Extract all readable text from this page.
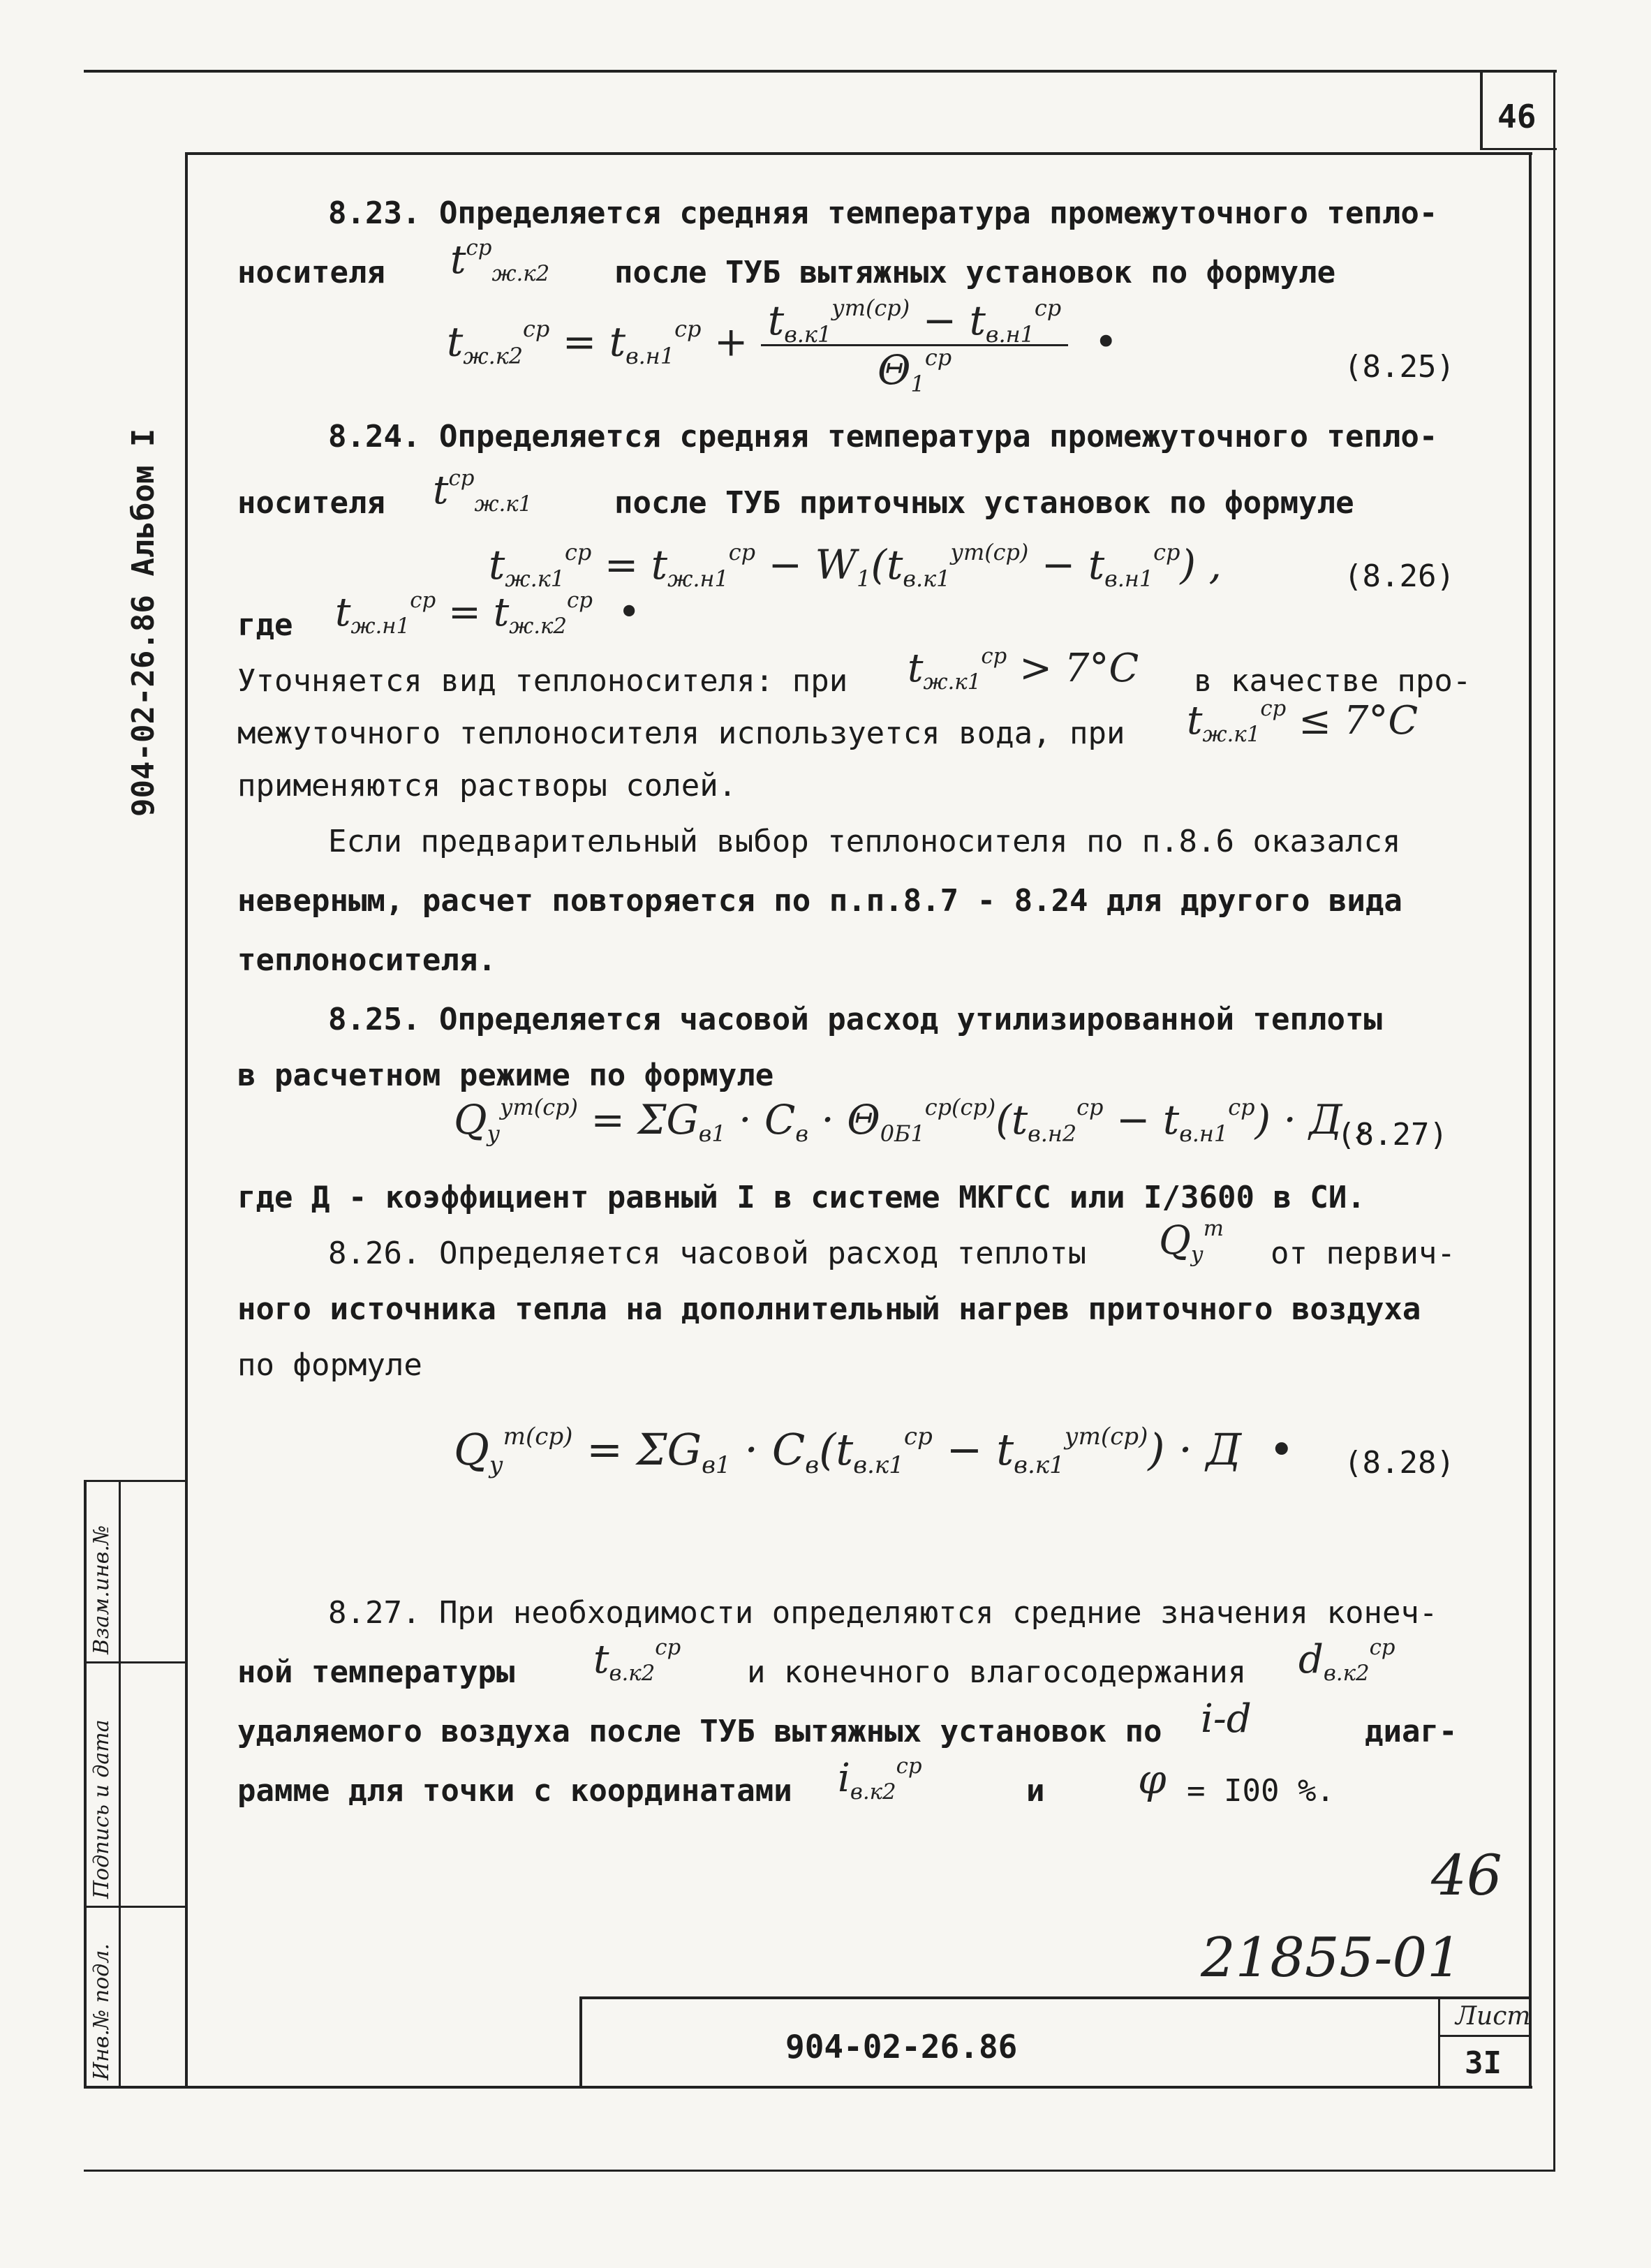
46
904-02-26.86 Альбом I
Инв.№ подл.
Подпись и дата
Взам.инв.№
8.23. Определяется средняя температура промежуточного тепло-
носителя $t^{ср}ж.к2$ после ТУБ вытяжных установок по формуле
$tж.к2^{ср} = tв.н1^{ср} + \frac{tв.к1^{ут(ср)} - tв.н1^{ср}}{\Theta 1^{ср}}$ •
(8.25)
8.24. Определяется средняя температура промежуточного тепло-
носителя $t^{ср}ж.к1$	после ТУБ приточных установок по формуле
$tж.к1^{ср} = tж.н1^{ср} - W1(tв.к1^{ут(ср)} - tв.н1^{ср})$ ,	(8.26)
где $tж.н1^{ср} = tж.к2^{ср}$  •
Уточняется вид теплоносителя: при $tж.к1^{ср} > 7^\circ C$ в качестве про-
межуточного теплоносителя используется вода, при $tж.к1^{ср} \le 7^\circ C$
применяются растворы солей.
Если предварительный выбор теплоносителя по п.8.6 оказался
неверным, расчет повторяется по п.п.8.7 - 8.24 для другого вида
теплоносителя.
8.25. Определяется часовой расход утилизированной теплоты
в расчетном режиме по формуле
$Qу^{ут(ср)} = \Sigma Gв1$ · Cв · $\Theta 0Б1^{ср(ср)}(tв.н2^{ср} - tв.н1^{ср}) \cdot Д$ ,
(8.27)
где Д - коэффициент равный I в системе МКГСС или I/3600 в СИ.
8.26. Определяется часовой расход теплоты $Qу^т$
от первич-
ного источника тепла на дополнительный нагрев приточного воздуха
по формуле
$Qу^{т(ср)} = \Sigma Gв1 \cdot Cв(tв.к1^{ср} - tв.к1^{ут(ср)}) \cdot Д$  • (8.28)
8.27. При необходимости определяются средние значения конеч-
ной температуры $tв.к2^{ср}$
и конечного влагосодержания $dв.к2^{ср}$
удаляемого воздуха после ТУБ вытяжных установок по i-d	диаг-
рамме для точки с координатами $iв.к2^{ср}$
и φ = I00 %.
46
21855-01
904-02-26.86
Лист
3I
